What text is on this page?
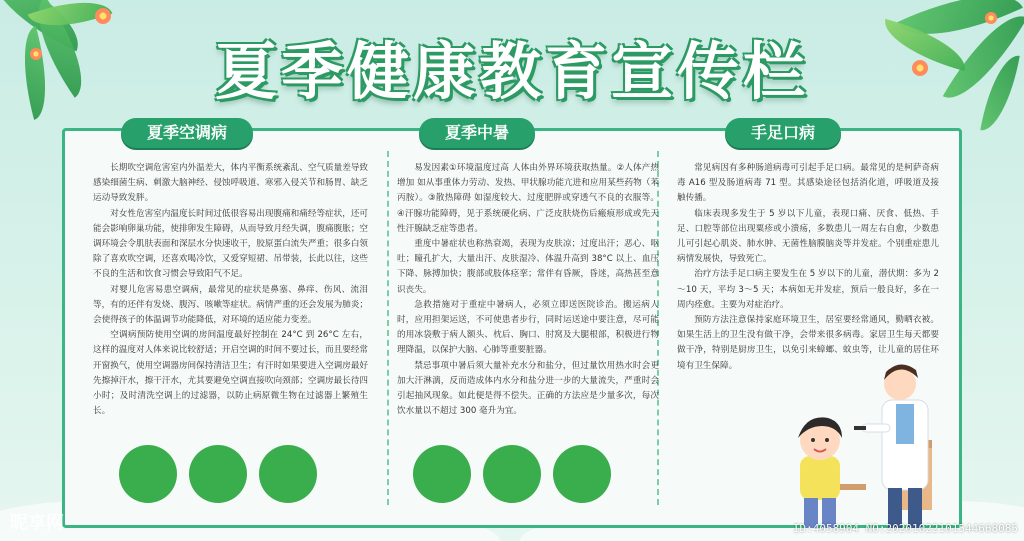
夏季健康教育宣传栏
夏季空调病

长期吹空调危害室内外温差大，体内平衡系统紊乱、空气质量差导致感染细菌生病、刺激大脑神经、侵蚀呼吸道、寒邪入侵关节和肠胃、缺乏运动导致发胖。

对女性危害室内温度长时间过低很容易出现腹痛和痛经等症状，还可能会影响卵巢功能，使排卵发生障碍，从而导致月经失调，腹痛腹胀；空调环境会令肌肤表面和深层水分快速收干，胶原蛋白流失严重；很多白领除了喜欢吹空调，还喜欢喝冷饮，又爱穿短裙、吊带装，长此以往，这些不良的生活和饮食习惯会导致阳气不足。

对婴儿危害易患空调病，最常见的症状是鼻塞、鼻痒、伤风、流泪等，有的还伴有发烧、腹泻、咳嗽等症状。病情严重的还会发展为肺炎；会使得孩子的体温调节功能降低，对环境的适应能力变差。

空调病预防使用空调的房间温度最好控制在 24°C 到 26°C 左右，这样的温度对人体来说比较舒适；开启空调的时间不要过长，而且要经常开窗换气，使用空调器房间保持清洁卫生；有汗时如果要进入空调房最好先擦掉汗水，擦干汗水，尤其要避免空调直接吹向颈部；空调房最长待四小时；及时清洗空调上的过滤器，以防止病原微生物在过滤器上繁殖生长。

夏季中暑

易发因素①环境温度过高 人体由外界环境获取热量。②人体产热增加 如从事重体力劳动、发热、甲状腺功能亢进和应用某些药物（苯丙胺）。③散热障碍 如湿度较大、过度肥胖或穿透气不良的衣服等。④汗腺功能障碍，见于系统硬化病、广泛皮肤烧伤后瘢痕形成或先天性汗腺缺乏症等患者。

重度中暑症状也称热衰竭，表现为皮肤凉；过度出汗；恶心、呕吐；瞳孔扩大，大量出汗、皮肤湿冷、体温升高到 38°C 以上、血压下降、脉搏加快；腹部或肢体痉挛；常伴有昏厥，昏迷，高热甚至意识丧失。

急救措施对于重症中暑病人，必须立即送医院诊治。搬运病人时，应用担架运送，不可使患者步行，同时运送途中要注意，尽可能的用冰袋敷于病人额头、枕后、胸口、肘窝及大腿根部，积极进行物理降温，以保护大脑、心肺等重要脏器。

禁忌事项中暑后须大量补充水分和盐分，但过量饮用热水时会更加大汗淋漓，反而造成体内水分和盐分进一步的大量流失，严重时会引起抽风现象。如此便是得不偿失。正确的方法应是少量多次，每次饮水量以不超过 300 毫升为宜。

手足口病

常见病因有多种肠道病毒可引起手足口病。最常见的是柯萨奇病毒 A16 型及肠道病毒 71 型。其感染途径包括消化道，呼吸道及接触传播。

临床表现多发生于 5 岁以下儿童，表现口痛、厌食、低热、手足、口腔等部位出现粟疹或小溃疡，多数患儿一周左右自愈，少数患儿可引起心肌炎、肺水肿、无菌性脑膜脑炎等并发症。个别重症患儿病情发展快，导致死亡。

治疗方法手足口病主要发生在 5 岁以下的儿童，潜伏期：多为 2～10 天，平均 3～5 天；本病如无并发症，预后一般良好，多在一周内痊愈。主要为对症治疗。

预防方法注意保持家庭环境卫生，居室要经常通风，勤晒衣被。如果生活上的卫生没有做干净，会带来很多病毒。家居卫生每天都要做干净，特别是厨房卫生，以免引来蟑螂、蚊虫等，让儿童的居住环境有卫生保障。

昵享网	ID:4058904 NO:20201022101544668085
